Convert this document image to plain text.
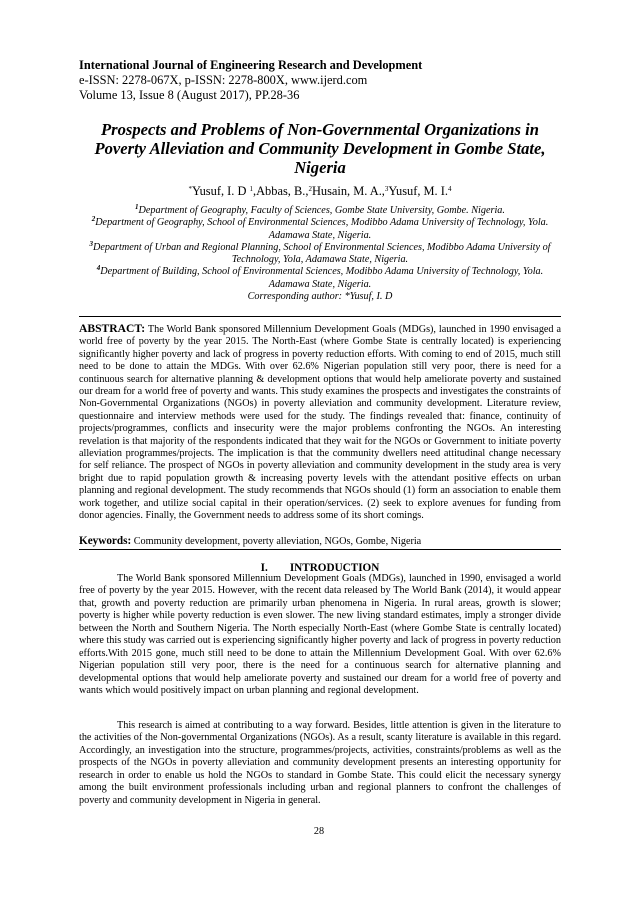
International Journal of Engineering Research and Development
e-ISSN: 2278-067X, p-ISSN: 2278-800X, www.ijerd.com
Volume 13, Issue 8 (August 2017), PP.28-36
Prospects and Problems of Non-Governmental Organizations in Poverty Alleviation and Community Development in Gombe State, Nigeria
*Yusuf, I. D $^1$,Abbas, B.,$^2$Husain, M. A.,$^3$Yusuf, M. I.$^4$
$^1$Department of Geography, Faculty of Sciences, Gombe State University, Gombe. Nigeria.
$^2$Department of Geography, School of Environmental Sciences, Modibbo Adama University of Technology, Yola. Adamawa State, Nigeria.
$^3$Department of Urban and Regional Planning, School of Environmental Sciences, Modibbo Adama University of Technology, Yola, Adamawa State, Nigeria.
$^4$Department of Building, School of Environmental Sciences, Modibbo Adama University of Technology, Yola. Adamawa State, Nigeria.
Corresponding author: *Yusuf, I. D
ABSTRACT: The World Bank sponsored Millennium Development Goals (MDGs), launched in 1990 envisaged a world free of poverty by the year 2015. The North-East (where Gombe State is centrally located) is experiencing significantly higher poverty and lack of progress in poverty reduction efforts. With coming to end of 2015, much still need to be done to attain the MDGs. With over 62.6% Nigerian population still very poor, there is need for a continuous search for alternative planning & development options that would help ameliorate poverty and sustained our dream for a world free of poverty and wants. This study examines the prospects and investigates the constraints of Non-Governmental Organizations (NGOs) in poverty alleviation and community development. Literature review, questionnaire and interview methods were used for the study. The findings revealed that: finance, continuity of projects/programmes, conflicts and insecurity were the major problems confronting the NGOs. An interesting revelation is that majority of the respondents indicated that they wait for the NGOs or Government to initiate poverty alleviation programmes/projects. The implication is that the community dwellers need attitudinal change necessary for self reliance. The prospect of NGOs in poverty alleviation and community development in the study area is very bright due to rapid population growth & increasing poverty levels with the attendant positive effects on urban planning and regional development. The study recommends that NGOs should (1) form an association to enable them work together, and utilize social capital in their operation/services. (2) seek to explore avenues for funding from donor agencies. Finally, the Government needs to address some of its short comings.
Keywords: Community development, poverty alleviation, NGOs, Gombe, Nigeria
I. INTRODUCTION
The World Bank sponsored Millennium Development Goals (MDGs), launched in 1990, envisaged a world free of poverty by the year 2015. However, with the recent data released by The World Bank (2014), it would appear that, growth and poverty reduction are primarily urban phenomena in Nigeria. In rural areas, growth is slower; poverty is higher while poverty reduction is even slower. The new living standard estimates, imply a stronger divide between the North and Southern Nigeria. The North especially North-East (where Gombe State is centrally located) where this study was carried out is experiencing significantly higher poverty and lack of progress in poverty reduction efforts.With 2015 gone, much still need to be done to attain the Millennium Development Goal. With over 62.6% Nigerian population still very poor, there is the need for a continuous search for alternative planning and developmental options that would help ameliorate poverty and sustained our dream for a world free of poverty and wants which would positively impact on urban planning and regional development.
This research is aimed at contributing to a way forward. Besides, little attention is given in the literature to the activities of the Non-governmental Organizations (NGOs). As a result, scanty literature is available in this regard. Accordingly, an investigation into the structure, programmes/projects, activities, constraints/problems as well as the prospects of the NGOs in poverty alleviation and community development presents an interesting opportunity for research in order to enable us hold the NGOs to standard in Gombe State. This could elicit the necessary synergy among the built environment professionals including urban and regional planners to confront the challenges of poverty and community development in Nigeria in general.
28
